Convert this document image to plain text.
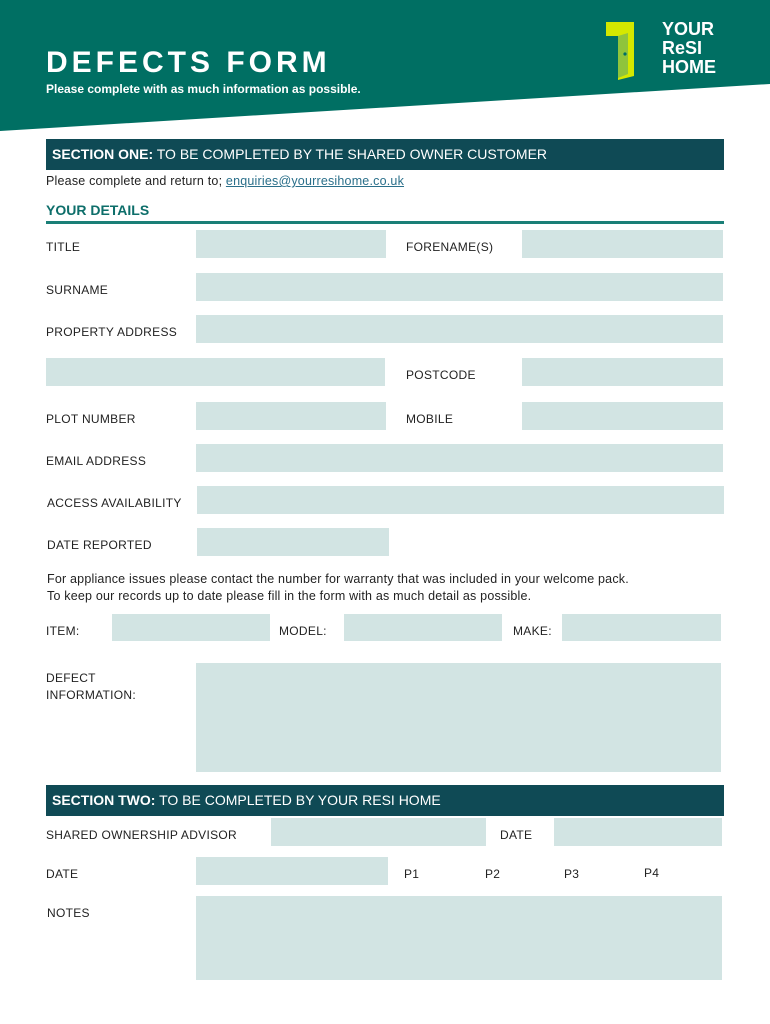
DEFECTS FORM
Please complete with as much information as possible.
YOUR
ReSI
HOME
SECTION ONE: TO BE COMPLETED BY THE SHARED OWNER CUSTOMER
Please complete and return to; enquiries@yourresihome.co.uk
YOUR DETAILS
TITLE	FORENAME(S)
SURNAME
PROPERTY ADDRESS
POSTCODE
PLOT NUMBER	MOBILE
EMAIL ADDRESS
ACCESS AVAILABILITY
DATE REPORTED
For appliance issues please contact the number for warranty that was included in your welcome pack.
To keep our records up to date please fill in the form with as much detail as possible.
ITEM:	MODEL:	MAKE:
DEFECT
INFORMATION:
SECTION TWO: TO BE COMPLETED BY YOUR RESI HOME
SHARED OWNERSHIP ADVISOR	DATE
DATE	P1	P2	P3	P4
NOTES
